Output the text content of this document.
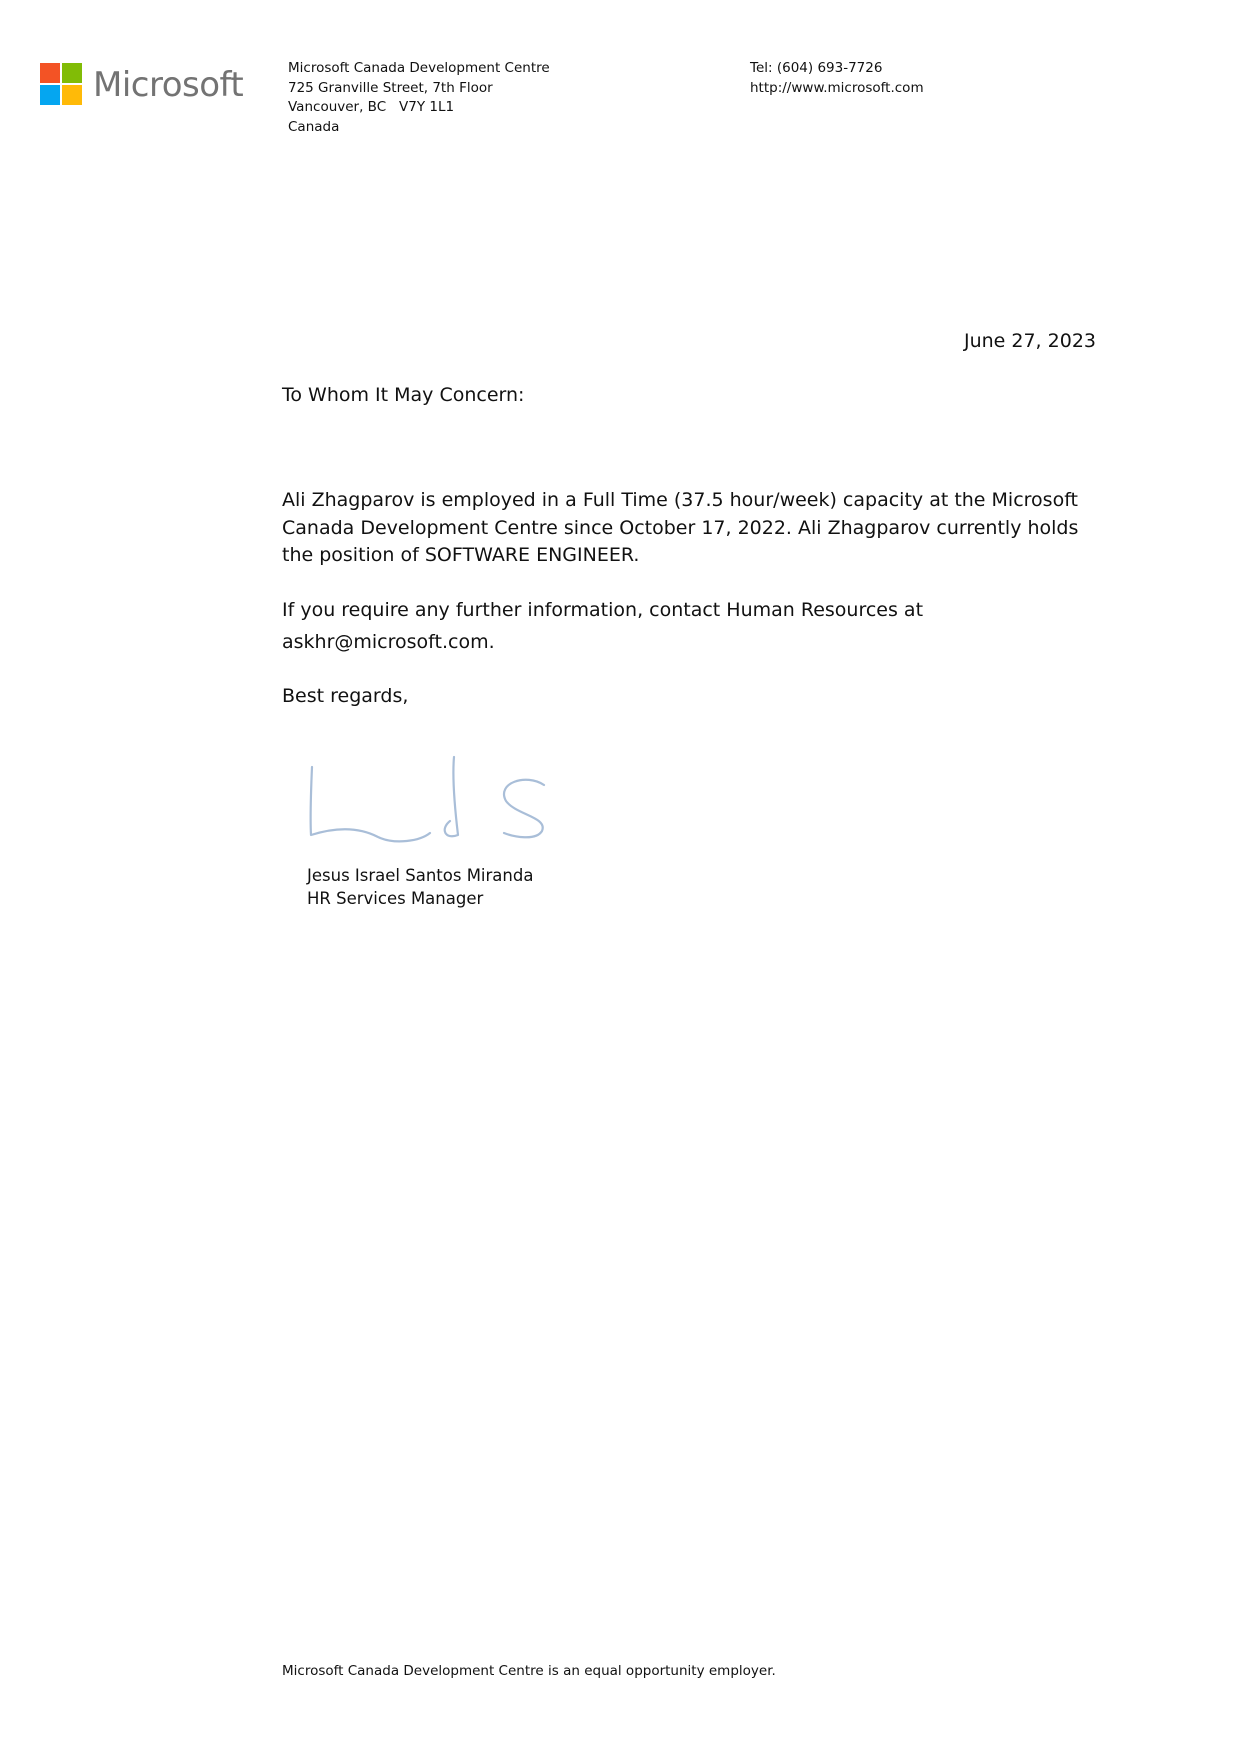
Microsoft	Microsoft Canada Development Centre
725 Granville Street, 7th Floor
Vancouver, BC   V7Y 1L1
Canada
Tel: (604) 693-7726
http://www.microsoft.com
June 27, 2023
To Whom It May Concern:
Ali Zhagparov is employed in a Full Time (37.5 hour/week) capacity at the Microsoft Canada Development Centre since October 17, 2022. Ali Zhagparov currently holds the position of SOFTWARE ENGINEER.
If you require any further information, contact Human Resources at askhr@microsoft.com.
Best regards,
Jesus Israel Santos Miranda
HR Services Manager
Microsoft Canada Development Centre is an equal opportunity employer.
